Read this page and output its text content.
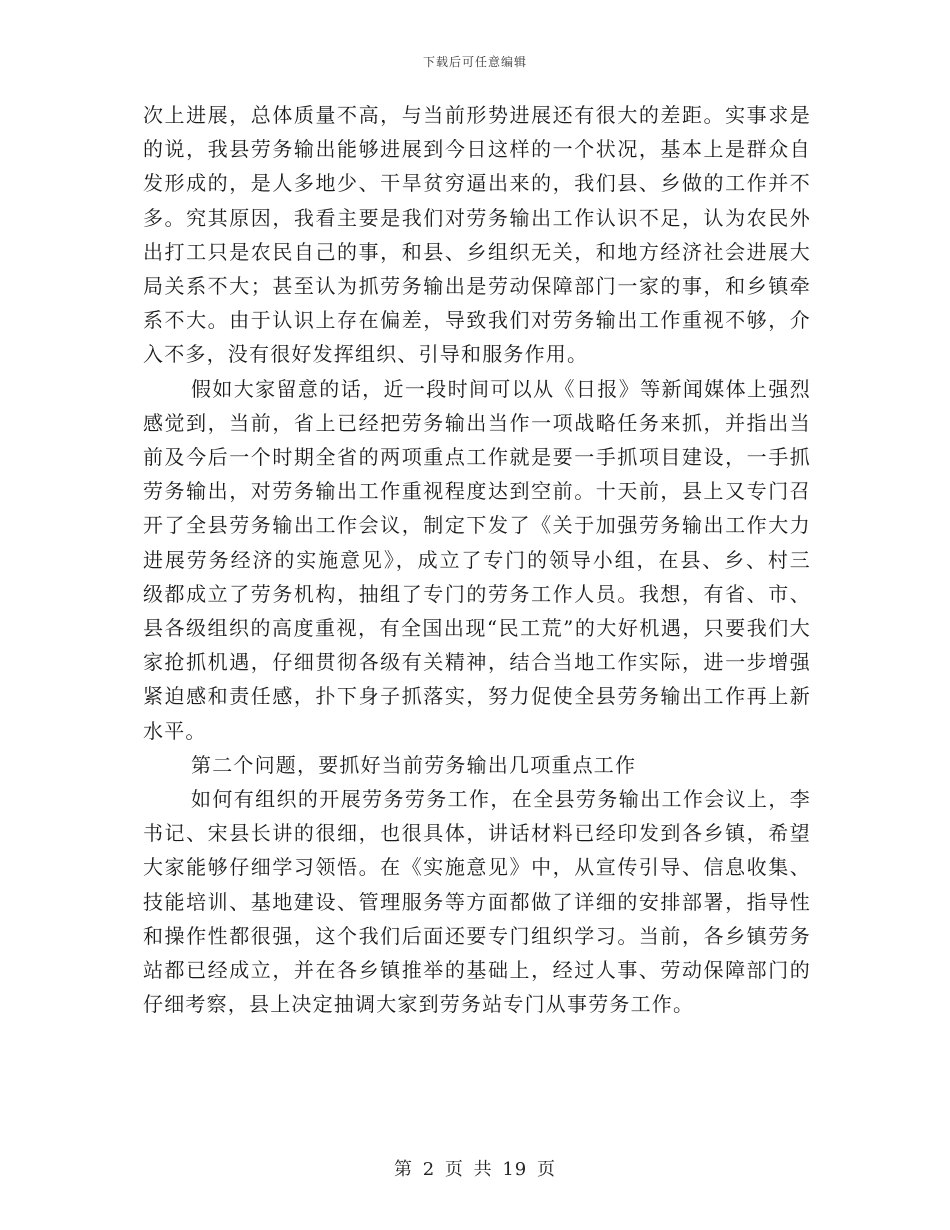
下载后可任意编辑

次上进展，总体质量不高，与当前形势进展还有很大的差距。实事求是的说，我县劳务输出能够进展到今日这样的一个状况，基本上是群众自发形成的，是人多地少、干旱贫穷逼出来的，我们县、乡做的工作并不多。究其原因，我看主要是我们对劳务输出工作认识不足，认为农民外出打工只是农民自己的事，和县、乡组织无关，和地方经济社会进展大局关系不大；甚至认为抓劳务输出是劳动保障部门一家的事，和乡镇牵系不大。由于认识上存在偏差，导致我们对劳务输出工作重视不够，介入不多，没有很好发挥组织、引导和服务作用。

假如大家留意的话，近一段时间可以从《日报》等新闻媒体上强烈感觉到，当前，省上已经把劳务输出当作一项战略任务来抓，并指出当前及今后一个时期全省的两项重点工作就是要一手抓项目建设，一手抓劳务输出，对劳务输出工作重视程度达到空前。十天前，县上又专门召开了全县劳务输出工作会议，制定下发了《关于加强劳务输出工作大力进展劳务经济的实施意见》，成立了专门的领导小组，在县、乡、村三级都成立了劳务机构，抽组了专门的劳务工作人员。我想，有省、市、县各级组织的高度重视，有全国出现“民工荒”的大好机遇，只要我们大家抢抓机遇，仔细贯彻各级有关精神，结合当地工作实际，进一步增强紧迫感和责任感，扑下身子抓落实，努力促使全县劳务输出工作再上新水平。

第二个问题，要抓好当前劳务输出几项重点工作

如何有组织的开展劳务劳务工作，在全县劳务输出工作会议上，李书记、宋县长讲的很细，也很具体，讲话材料已经印发到各乡镇，希望大家能够仔细学习领悟。在《实施意见》中，从宣传引导、信息收集、技能培训、基地建设、管理服务等方面都做了详细的安排部署，指导性和操作性都很强，这个我们后面还要专门组织学习。当前，各乡镇劳务站都已经成立，并在各乡镇推举的基础上，经过人事、劳动保障部门的仔细考察，县上决定抽调大家到劳务站专门从事劳务工作。

第 2 页 共 19 页
